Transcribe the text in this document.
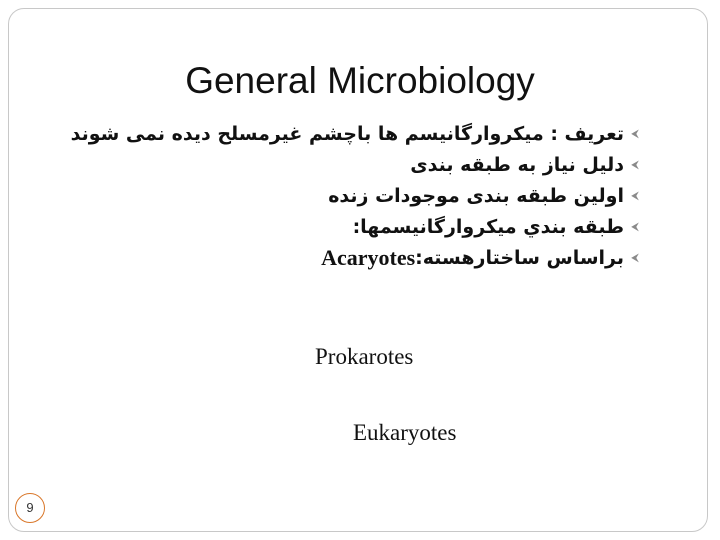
General Microbiology
⮜
تعریف : میکروارگانیسم ها باچشم غیرمسلح دیده نمی شوند
⮜
دلیل نیاز به طبقه بندی
⮜
اولین طبقه بندی موجودات زنده
⮜
طبقه بندي ميكروارگانيسمها:
⮜
براساس ساختارهسته:
Acaryotes
Prokarotes
Eukaryotes
9
